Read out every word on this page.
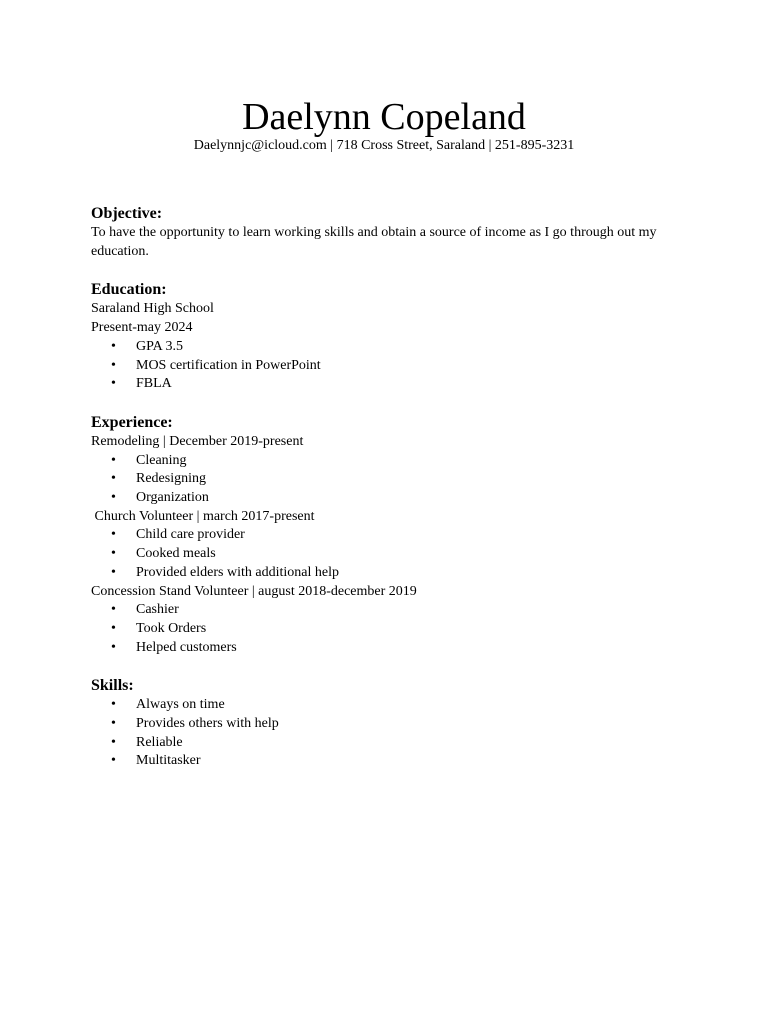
Daelynn Copeland
Daelynnjc@icloud.com | 718 Cross Street, Saraland | 251-895-3231
Objective:
To have the opportunity to learn working skills and obtain a source of income as I go through out my education.
Education:
Saraland High School
Present-may 2024
• GPA 3.5
• MOS certification in PowerPoint
• FBLA
Experience:
Remodeling | December 2019-present
• Cleaning
• Redesigning
• Organization
Church Volunteer | march 2017-present
• Child care provider
• Cooked meals
• Provided elders with additional help
Concession Stand Volunteer | august 2018-december 2019
• Cashier
• Took Orders
• Helped customers
Skills:
• Always on time
• Provides others with help
• Reliable
• Multitasker
